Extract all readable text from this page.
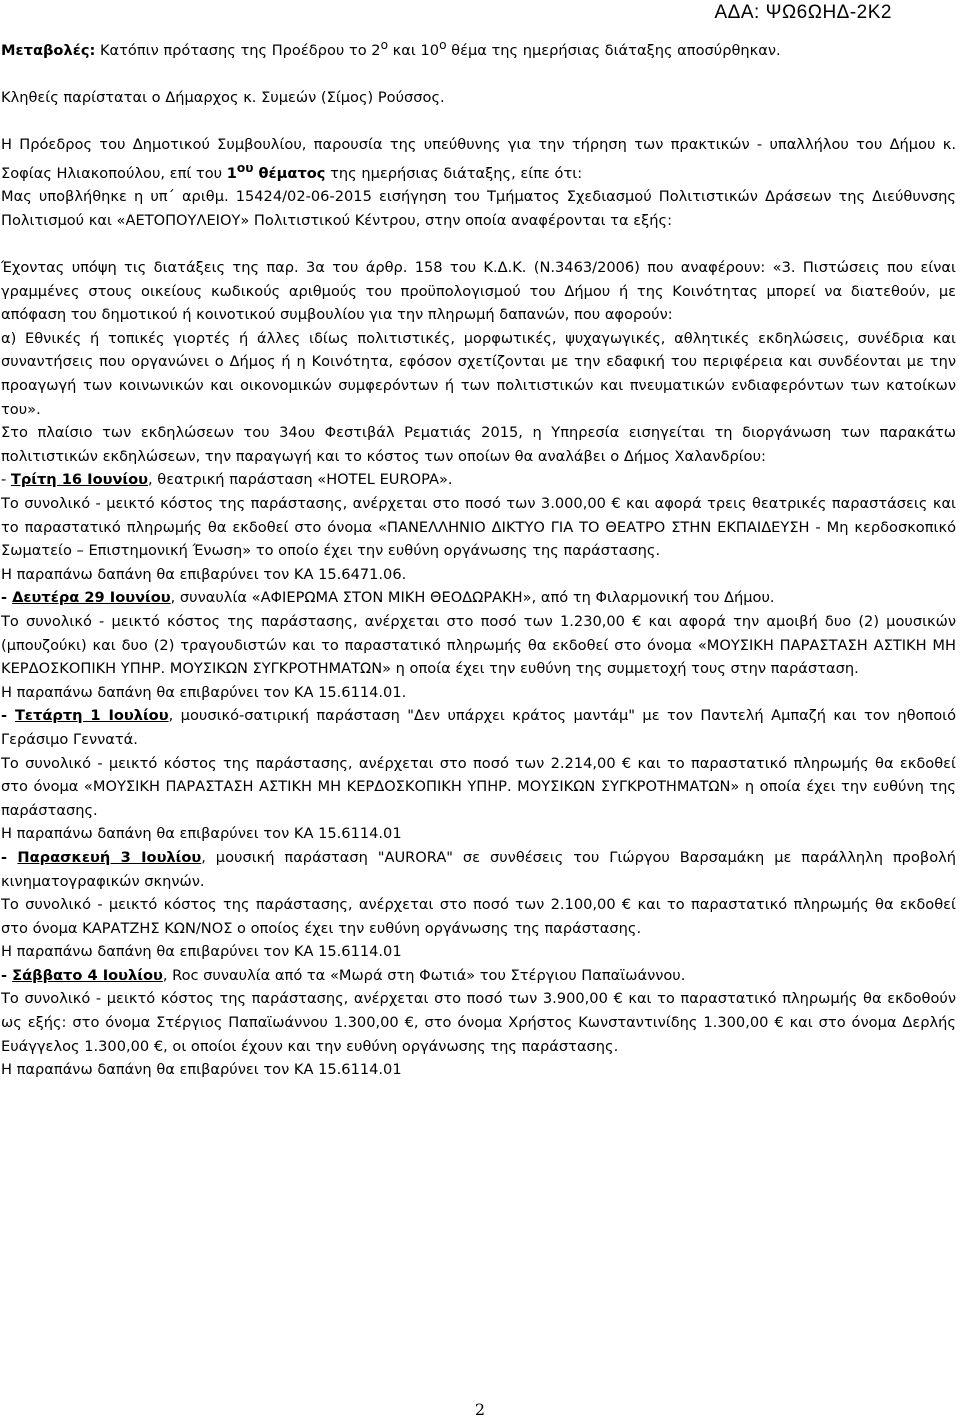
ΑΔΑ: ΨΩ6ΩΗΔ-2Κ2

Μεταβολές: Κατόπιν πρότασης της Προέδρου το $2^o$ και $10^o$ θέμα της ημερήσιας διάταξης αποσύρθηκαν.

Κληθείς παρίσταται ο Δήμαρχος κ. Συμεών (Σίμος) Ρούσσος.

Η Πρόεδρος του Δημοτικού Συμβουλίου, παρουσία της υπεύθυνης για την τήρηση των πρακτικών - υπαλλήλου του Δήμου κ. Σοφίας Ηλιακοπούλου, επί του $1^{o\upsilon}$ θέματος της ημερήσιας διάταξης, είπε ότι:

Μας υποβλήθηκε η υπ΄ αριθμ. 15424/02-06-2015 εισήγηση του Τμήματος Σχεδιασμού Πολιτιστικών Δράσεων της Διεύθυνσης Πολιτισμού και «ΑΕΤΟΠΟΥΛΕΙΟΥ» Πολιτιστικού Κέντρου, στην οποία αναφέρονται τα εξής:

Έχοντας υπόψη τις διατάξεις της παρ. 3α του άρθρ. 158 του Κ.Δ.Κ. (Ν.3463/2006) που αναφέρουν: «3. Πιστώσεις που είναι γραμμένες στους οικείους κωδικούς αριθμούς του προϋπολογισμού του Δήμου ή της Κοινότητας μπορεί να διατεθούν, με απόφαση του δημοτικού ή κοινοτικού συμβουλίου για την πληρωμή δαπανών, που αφορούν:

α) Εθνικές ή τοπικές γιορτές ή άλλες ιδίως πολιτιστικές, μορφωτικές, ψυχαγωγικές, αθλητικές εκδηλώσεις, συνέδρια και συναντήσεις που οργανώνει ο Δήμος ή η Κοινότητα, εφόσον σχετίζονται με την εδαφική του περιφέρεια και συνδέονται με την προαγωγή των κοινωνικών και οικονομικών συμφερόντων ή των πολιτιστικών και πνευματικών ενδιαφερόντων των κατοίκων του».

Στο πλαίσιο των εκδηλώσεων του 34ου Φεστιβάλ Ρεματιάς 2015, η Υπηρεσία εισηγείται τη διοργάνωση των παρακάτω πολιτιστικών εκδηλώσεων, την παραγωγή και το κόστος των οποίων θα αναλάβει ο Δήμος Χαλανδρίου:

- Τρίτη 16 Ιουνίου, θεατρική παράσταση «HOTEL EUROPA».

Το συνολικό - μεικτό κόστος της παράστασης, ανέρχεται στο ποσό των 3.000,00 € και αφορά τρεις θεατρικές παραστάσεις και το παραστατικό πληρωμής θα εκδοθεί στο όνομα «ΠΑΝΕΛΛΗΝΙΟ ΔΙΚΤΥΟ ΓΙΑ ΤΟ ΘΕΑΤΡΟ ΣΤΗΝ ΕΚΠΑΙΔΕΥΣΗ - Μη κερδοσκοπικό Σωματείο – Επιστημονική Ένωση» το οποίο έχει την ευθύνη οργάνωσης της παράστασης.

Η παραπάνω δαπάνη θα επιβαρύνει τον ΚΑ 15.6471.06.

- Δευτέρα 29 Ιουνίου, συναυλία «ΑΦΙΕΡΩΜΑ ΣΤΟΝ ΜΙΚΗ ΘΕΟΔΩΡΑΚΗ», από τη Φιλαρμονική του Δήμου.

Το συνολικό - μεικτό κόστος της παράστασης, ανέρχεται στο ποσό των 1.230,00 € και αφορά την αμοιβή δυο (2) μουσικών (μπουζούκι) και δυο (2) τραγουδιστών και το παραστατικό πληρωμής θα εκδοθεί στο όνομα «ΜΟΥΣΙΚΗ ΠΑΡΑΣΤΑΣΗ ΑΣΤΙΚΗ ΜΗ ΚΕΡΔΟΣΚΟΠΙΚΗ ΥΠΗΡ. ΜΟΥΣΙΚΩΝ ΣΥΓΚΡΟΤΗΜΑΤΩΝ» η οποία έχει την ευθύνη της συμμετοχή τους στην παράσταση.

Η παραπάνω δαπάνη θα επιβαρύνει τον ΚΑ 15.6114.01.

- Τετάρτη 1 Ιουλίου, μουσικό-σατιρική παράσταση "Δεν υπάρχει κράτος μαντάμ" με τον Παντελή Αμπαζή και τον ηθοποιό Γεράσιμο Γεννατά.

Το συνολικό - μεικτό κόστος της παράστασης, ανέρχεται στο ποσό των 2.214,00 € και το παραστατικό πληρωμής θα εκδοθεί στο όνομα «ΜΟΥΣΙΚΗ ΠΑΡΑΣΤΑΣΗ ΑΣΤΙΚΗ ΜΗ ΚΕΡΔΟΣΚΟΠΙΚΗ ΥΠΗΡ. ΜΟΥΣΙΚΩΝ ΣΥΓΚΡΟΤΗΜΑΤΩΝ» η οποία έχει την ευθύνη της παράστασης.

Η παραπάνω δαπάνη θα επιβαρύνει τον ΚΑ 15.6114.01

- Παρασκευή 3 Ιουλίου, μουσική παράσταση "AURORA" σε συνθέσεις του Γιώργου Βαρσαμάκη με παράλληλη προβολή κινηματογραφικών σκηνών.

Το συνολικό - μεικτό κόστος της παράστασης, ανέρχεται στο ποσό των 2.100,00 € και το παραστατικό πληρωμής θα εκδοθεί στο όνομα ΚΑΡΑΤΖΗΣ ΚΩΝ/ΝΟΣ ο οποίος έχει την ευθύνη οργάνωσης της παράστασης.

Η παραπάνω δαπάνη θα επιβαρύνει τον ΚΑ 15.6114.01

- Σάββατο 4 Ιουλίου, Roc συναυλία από τα «Μωρά στη Φωτιά» του Στέργιου Παπαϊωάννου.

Το συνολικό - μεικτό κόστος της παράστασης, ανέρχεται στο ποσό των 3.900,00 € και το παραστατικό πληρωμής θα εκδοθούν ως εξής: στο όνομα Στέργιος Παπαϊωάννου 1.300,00 €, στο όνομα Χρήστος Κωνσταντινίδης 1.300,00 € και στο όνομα Δερλής Ευάγγελος 1.300,00 €, οι οποίοι έχουν και την ευθύνη οργάνωσης της παράστασης.

Η παραπάνω δαπάνη θα επιβαρύνει τον ΚΑ 15.6114.01

2
